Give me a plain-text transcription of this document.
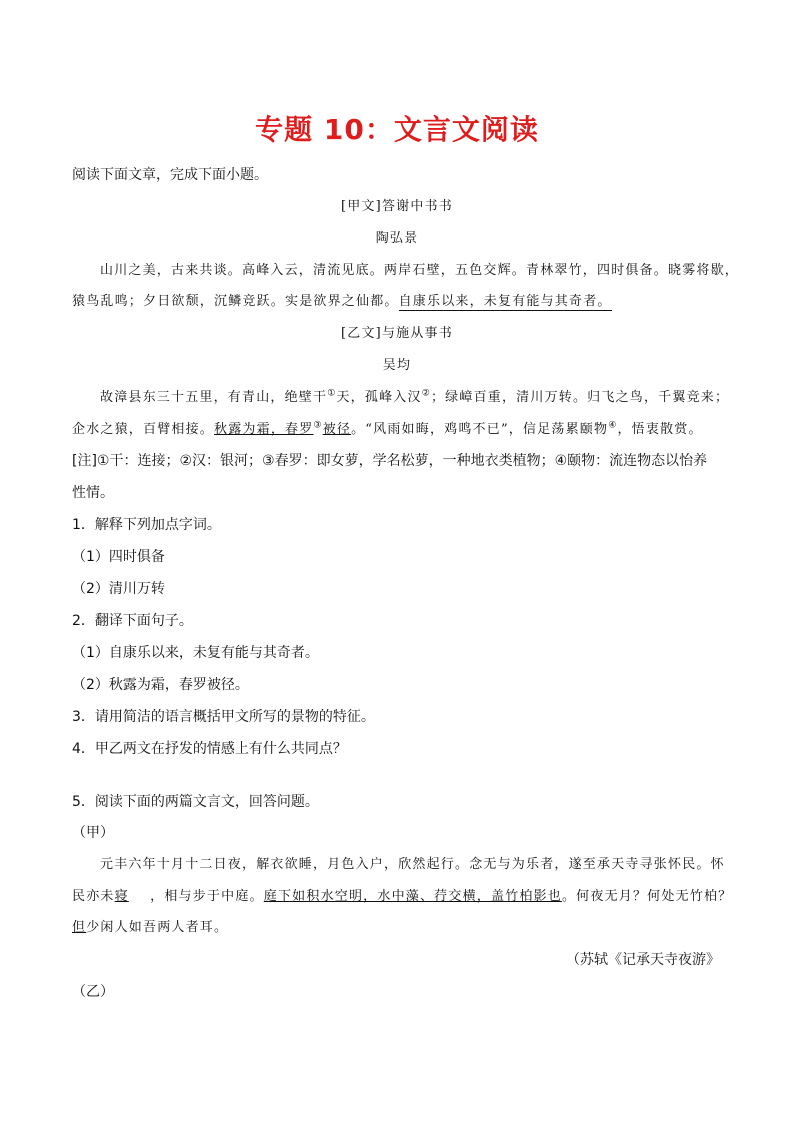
专题 10：文言文阅读
阅读下面文章，完成下面小题。
[甲文]答谢中书书
陶弘景
山川之美，古来共谈。高峰入云，清流见底。两岸石壁，五色交辉。青林翠竹，四时俱备。晓雾将歇，
猿鸟乱鸣；夕日欲颓，沉鳞竞跃。实是欲界之仙都。自康乐以来，未复有能与其奇者。
[乙文]与施从事书
吴均
故漳县东三十五里，有青山，绝壁干①天，孤峰入汉②；绿嶂百重，清川万转。归飞之鸟，千翼竞来；
企水之猿，百臂相接。秋露为霜，春罗③被径。“风雨如晦，鸡鸣不已”，信足荡累颐物④，悟衷散赏。
[注]①干：连接；②汉：银河；③春罗：即女萝，学名松萝，一种地衣类植物；④颐物：流连物态以怡养
性情。
1．解释下列加点字词。
（1）四时俱备
（2）清川万转
2．翻译下面句子。
（1）自康乐以来，未复有能与其奇者。
（2）秋露为霜，春罗被径。
3．请用简洁的语言概括甲文所写的景物的特征。
4．甲乙两文在抒发的情感上有什么共同点？
5．阅读下面的两篇文言文，回答问题。
（甲）
元丰六年十月十二日夜，解衣欲睡，月色入户，欣然起行。念无与为乐者，遂至承天寺寻张怀民。怀
民亦未寝 ，相与步于中庭。庭下如积水空明，水中藻、荇交横，盖竹柏影也。何夜无月？何处无竹柏？
但少闲人如吾两人者耳。
（苏轼《记承天寺夜游》
（乙）
